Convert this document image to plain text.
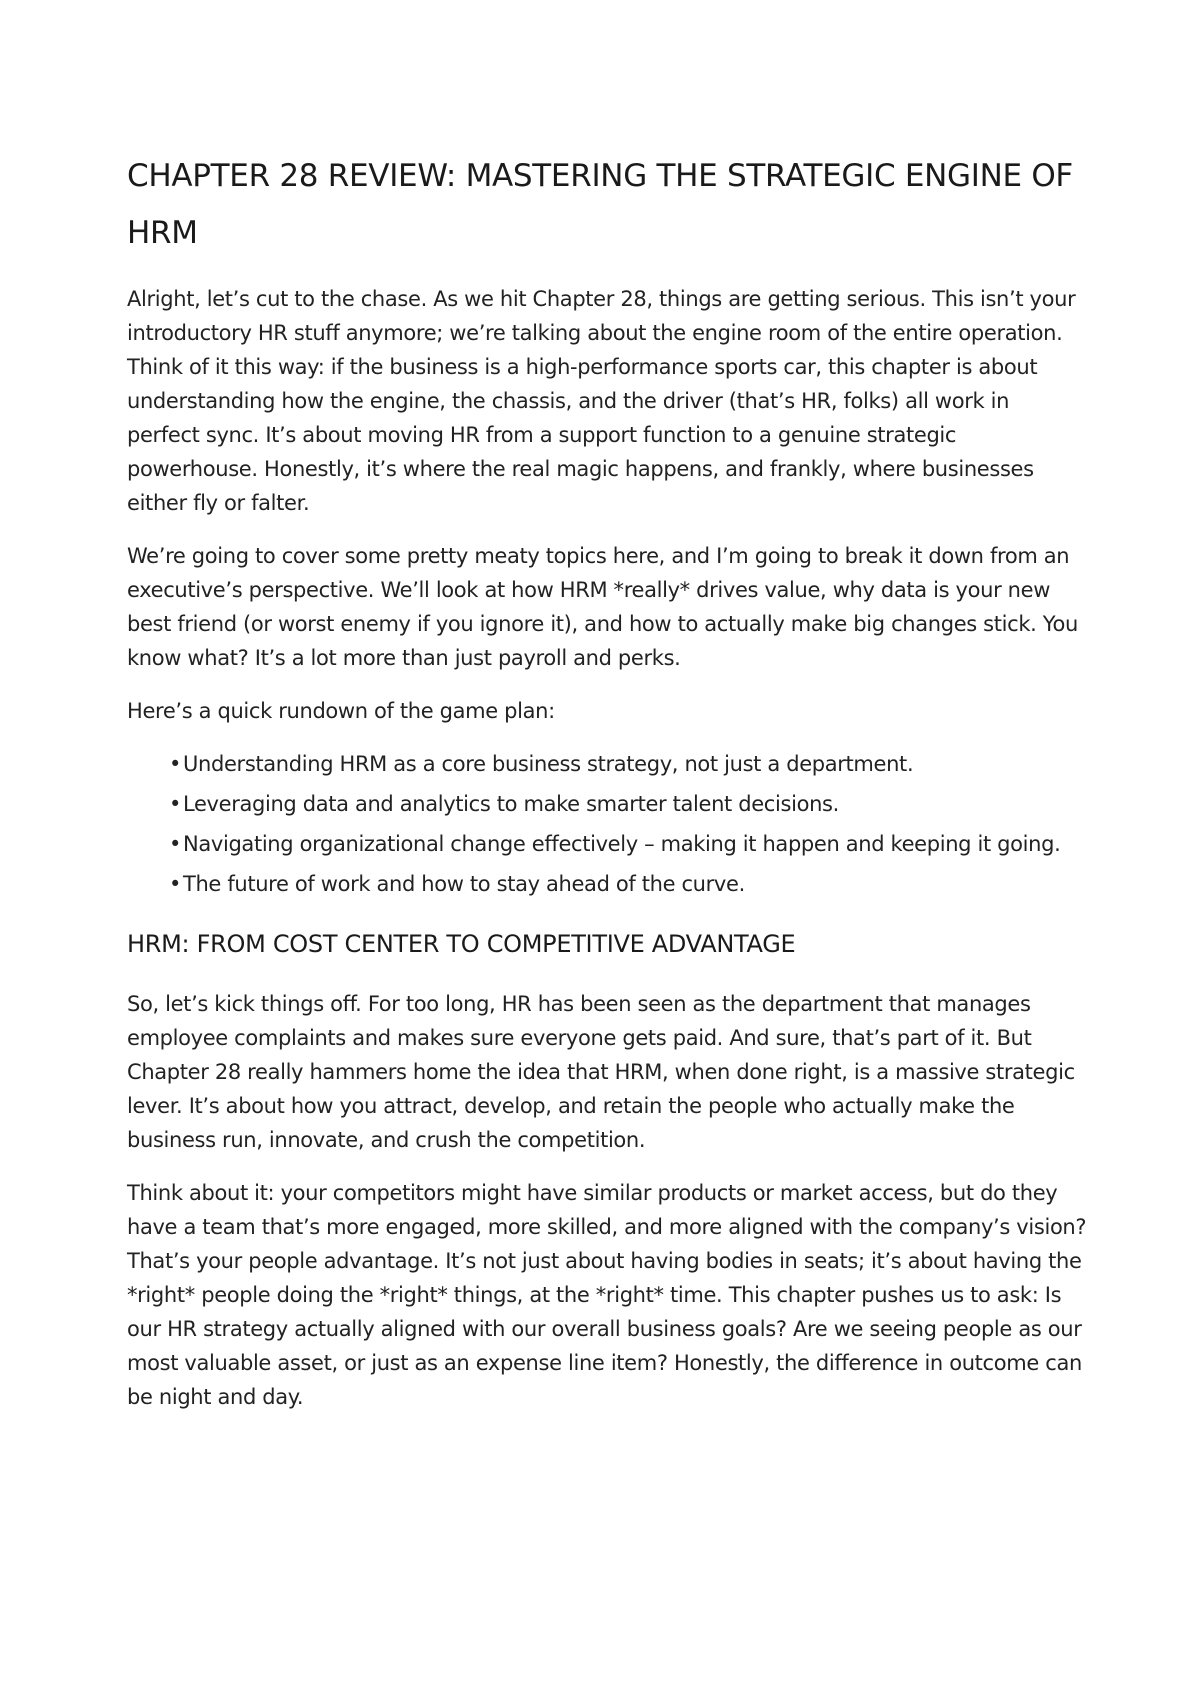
CHAPTER 28 REVIEW: MASTERING THE STRATEGIC ENGINE OF HRM

Alright, let’s cut to the chase. As we hit Chapter 28, things are getting serious. This isn’t your introductory HR stuff anymore; we’re talking about the engine room of the entire operation. Think of it this way: if the business is a high-performance sports car, this chapter is about understanding how the engine, the chassis, and the driver (that’s HR, folks) all work in perfect sync. It’s about moving HR from a support function to a genuine strategic powerhouse. Honestly, it’s where the real magic happens, and frankly, where businesses either fly or falter.

We’re going to cover some pretty meaty topics here, and I’m going to break it down from an executive’s perspective. We’ll look at how HRM *really* drives value, why data is your new best friend (or worst enemy if you ignore it), and how to actually make big changes stick. You know what? It’s a lot more than just payroll and perks.

Here’s a quick rundown of the game plan:

• Understanding HRM as a core business strategy, not just a department.
• Leveraging data and analytics to make smarter talent decisions.
• Navigating organizational change effectively – making it happen and keeping it going.
• The future of work and how to stay ahead of the curve.
HRM: FROM COST CENTER TO COMPETITIVE ADVANTAGE

So, let’s kick things off. For too long, HR has been seen as the department that manages employee complaints and makes sure everyone gets paid. And sure, that’s part of it. But Chapter 28 really hammers home the idea that HRM, when done right, is a massive strategic lever. It’s about how you attract, develop, and retain the people who actually make the business run, innovate, and crush the competition.

Think about it: your competitors might have similar products or market access, but do they have a team that’s more engaged, more skilled, and more aligned with the company’s vision? That’s your people advantage. It’s not just about having bodies in seats; it’s about having the *right* people doing the *right* things, at the *right* time. This chapter pushes us to ask: Is our HR strategy actually aligned with our overall business goals? Are we seeing people as our most valuable asset, or just as an expense line item? Honestly, the difference in outcome can be night and day.
